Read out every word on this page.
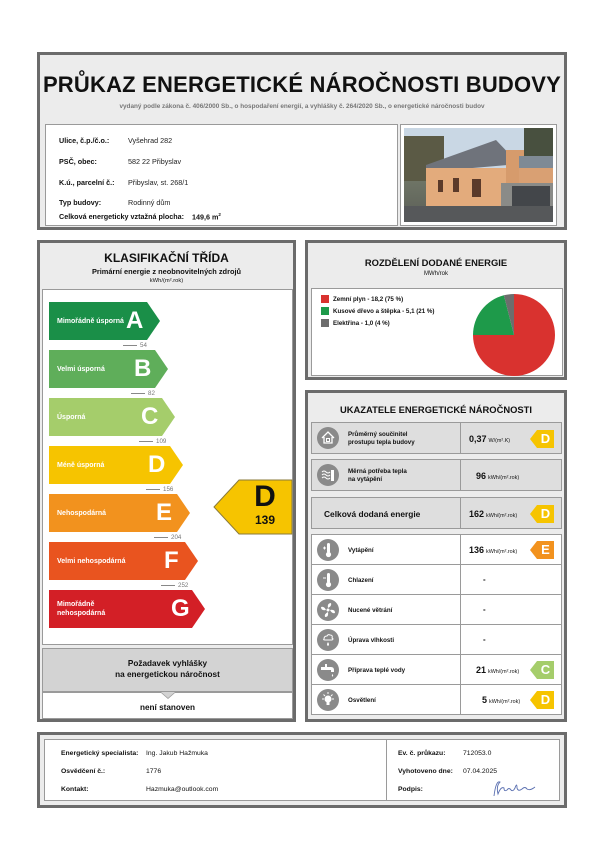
PRŮKAZ ENERGETICKÉ NÁROČNOSTI BUDOVY
vydaný podle zákona č. 406/2000 Sb., o hospodaření energií, a vyhlášky č. 264/2020 Sb., o energetické náročnosti budov
Ulice, č.p./č.o.:	Vyšehrad 282
PSČ, obec:	582 22 Přibyslav
K.ú., parcelní č.:	Přibyslav, st. 268/1
Typ budovy:	Rodinný dům
Celková energeticky vztažná plocha: 149,6 $m^2$
KLASIFIKAČNÍ TŘÍDA
Primární energie z neobnovitelných zdrojů
kWh/(m².rok)
Mimořádně úsporná A
54
Velmi úsporná	B
82
Úsporná	C
109
Méně úsporná	D
156
Nehospodárná	E
204
Velmi nehospodárná F
252
Mimořádně nehospodárná	G
D
139
Požadavek vyhlášky
na energetickou náročnost
není stanoven
ROZDĚLENÍ DODANÉ ENERGIE
MWh/rok
Zemní plyn - 18,2 (75 %)
Kusové dřevo a štěpka - 5,1 (21 %)
Elektřina - 1,0 (4 %)
UKAZATELE ENERGETICKÉ NÁROČNOSTI
Průměrný součinitel
prostupu tepla budovy	0,37 W/(m².K) D
Měrná potřeba tepla
na vytápění	96 kWh/(m².rok)
Celková dodaná energie	162 kWh/(m².rok) D
Vytápění	136 kWh/(m².rok)	E
Chlazení	-
Nucené větrání	-
Úprava vlhkosti	-
Příprava teplé vody	21 kWh/(m².rok) C
Osvětlení	5 kWh/(m².rok) D
Energetický specialista:	Ing. Jakub Hažmuka
Osvědčení č.:	1776
Kontakt:	Hazmuka@outlook.com
Ev. č. průkazu:	712053.0
Vyhotoveno dne:	07.04.2025
Podpis:
